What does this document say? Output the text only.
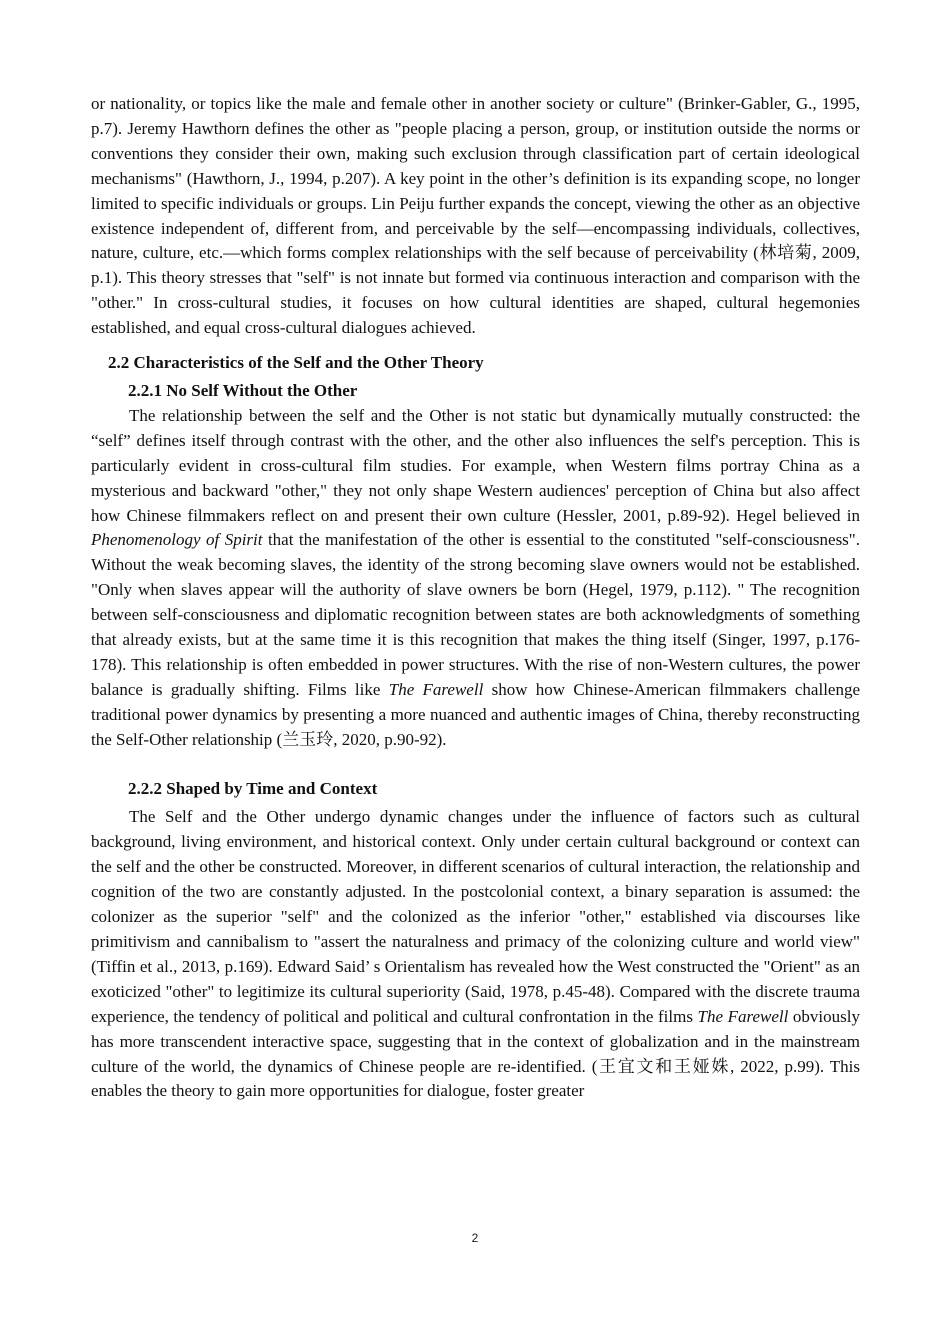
or nationality, or topics like the male and female other in another society or culture" (Brinker-Gabler, G., 1995, p.7). Jeremy Hawthorn defines the other as "people placing a person, group, or institution outside the norms or conventions they consider their own, making such exclusion through classification part of certain ideological mechanisms" (Hawthorn, J., 1994, p.207). A key point in the other’s definition is its expanding scope, no longer limited to specific individuals or groups. Lin Peiju further expands the concept, viewing the other as an objective existence independent of, different from, and perceivable by the self—encompassing individuals, collectives, nature, culture, etc.—which forms complex relationships with the self because of perceivability (林培菊, 2009, p.1). This theory stresses that "self" is not innate but formed via continuous interaction and comparison with the "other." In cross-cultural studies, it focuses on how cultural identities are shaped, cultural hegemonies established, and equal cross-cultural dialogues achieved.

2.2 Characteristics of the Self and the Other Theory
2.2.1 No Self Without the Other

The relationship between the self and the Other is not static but dynamically mutually constructed: the “self” defines itself through contrast with the other, and the other also influences the self's perception. This is particularly evident in cross-cultural film studies. For example, when Western films portray China as a mysterious and backward "other," they not only shape Western audiences' perception of China but also affect how Chinese filmmakers reflect on and present their own culture (Hessler, 2001, p.89-92). Hegel believed in Phenomenology of Spirit that the manifestation of the other is essential to the constituted "self-consciousness". Without the weak becoming slaves, the identity of the strong becoming slave owners would not be established. "Only when slaves appear will the authority of slave owners be born (Hegel, 1979, p.112). " The recognition between self-consciousness and diplomatic recognition between states are both acknowledgments of something that already exists, but at the same time it is this recognition that makes the thing itself (Singer, 1997, p.176-178). This relationship is often embedded in power structures. With the rise of non-Western cultures, the power balance is gradually shifting. Films like The Farewell show how Chinese-American filmmakers challenge traditional power dynamics by presenting a more nuanced and authentic images of China, thereby reconstructing the Self-Other relationship (兰玉玲, 2020, p.90-92).

2.2.2 Shaped by Time and Context

The Self and the Other undergo dynamic changes under the influence of factors such as cultural background, living environment, and historical context. Only under certain cultural background or context can the self and the other be constructed. Moreover, in different scenarios of cultural interaction, the relationship and cognition of the two are constantly adjusted. In the postcolonial context, a binary separation is assumed: the colonizer as the superior "self" and the colonized as the inferior "other," established via discourses like primitivism and cannibalism to "assert the naturalness and primacy of the colonizing culture and world view" (Tiffin et al., 2013, p.169). Edward Said’ s Orientalism has revealed how the West constructed the "Orient" as an exoticized "other" to legitimize its cultural superiority (Said, 1978, p.45-48). Compared with the discrete trauma experience, the tendency of political and political and cultural confrontation in the films The Farewell obviously has more transcendent interactive space, suggesting that in the context of globalization and in the mainstream culture of the world, the dynamics of Chinese people are re-identified. (王宜文和王娅姝, 2022, p.99). This enables the theory to gain more opportunities for dialogue, foster greater

2
